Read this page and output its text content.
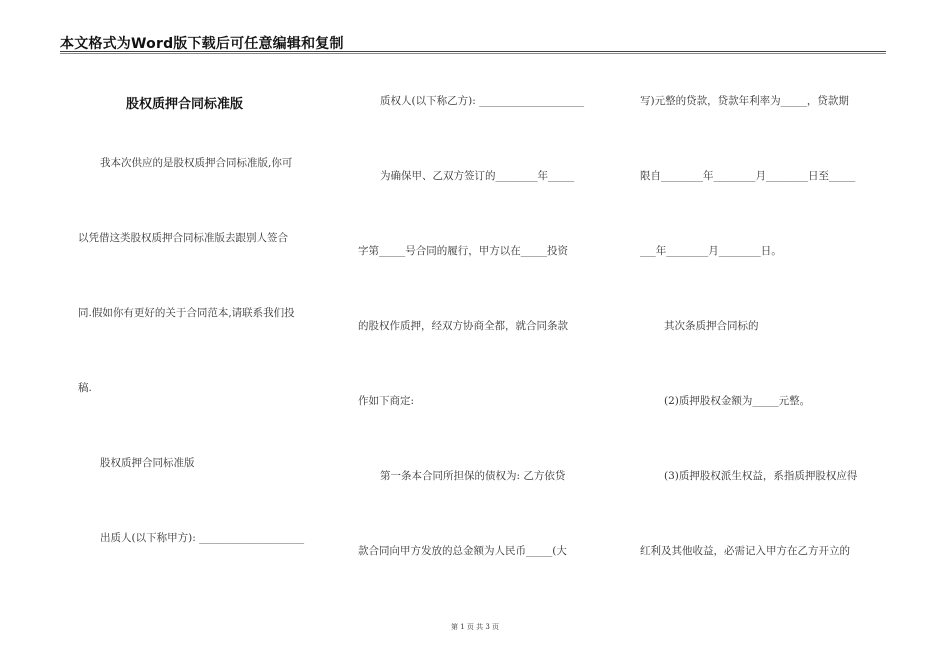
本文格式为Word版下载后可任意编辑和复制
股权质押合同标准版
我本次供应的是股权质押合同标准版,你可
以凭借这类股权质押合同标准版去跟别人签合
同.假如你有更好的关于合同范本,请联系我们投
稿.
股权质押合同标准版
出质人(以下称甲方): ____________________
质权人(以下称乙方): ____________________
为确保甲、乙双方签订的________年_____
字第_____号合同的履行，甲方以在_____投资
的股权作质押，经双方协商全都，就合同条款
作如下商定:
第一条本合同所担保的债权为: 乙方依贷
款合同向甲方发放的总金额为人民币_____(大
写)元整的贷款，贷款年利率为_____，贷款期
限自________年________月________日至_____
___年________月________日。
其次条质押合同标的
(2)质押股权金额为_____元整。
(3)质押股权派生权益，系指质押股权应得
红利及其他收益，必需记入甲方在乙方开立的
第 1 页 共 3 页
